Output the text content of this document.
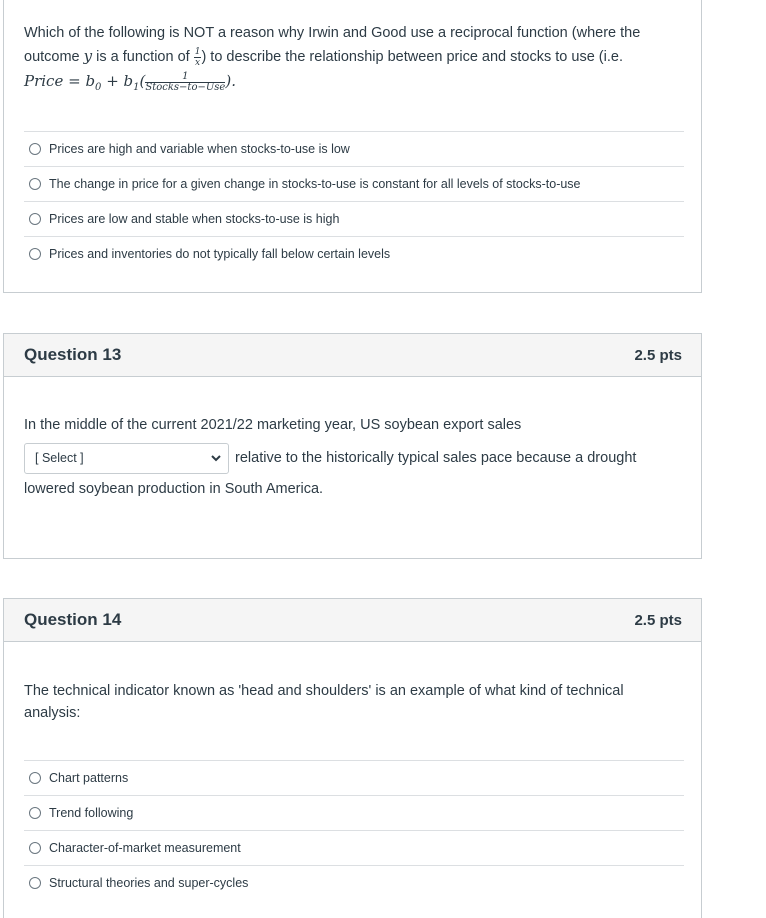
Which of the following is NOT a reason why Irwin and Good use a reciprocal function (where the
outcome y is a function of $\frac{1}{x}$ ) to describe the relationship between price and stocks to use (i.e.
Price = $b_0 + b_1( \frac{1}{\text{Stocks−to−Use}}$ ).
Prices are high and variable when stocks-to-use is low
The change in price for a given change in stocks-to-use is constant for all levels of stocks-to-use
Prices are low and stable when stocks-to-use is high
Prices and inventories do not typically fall below certain levels
Question 13	2.5 pts
In the middle of the current 2021/22 marketing year, US soybean export sales
[ Select ]	relative to the historically typical sales pace because a drought
lowered soybean production in South America.
Question 14	2.5 pts
The technical indicator known as 'head and shoulders' is an example of what kind of technical
analysis:
Chart patterns
Trend following
Character-of-market measurement
Structural theories and super-cycles
